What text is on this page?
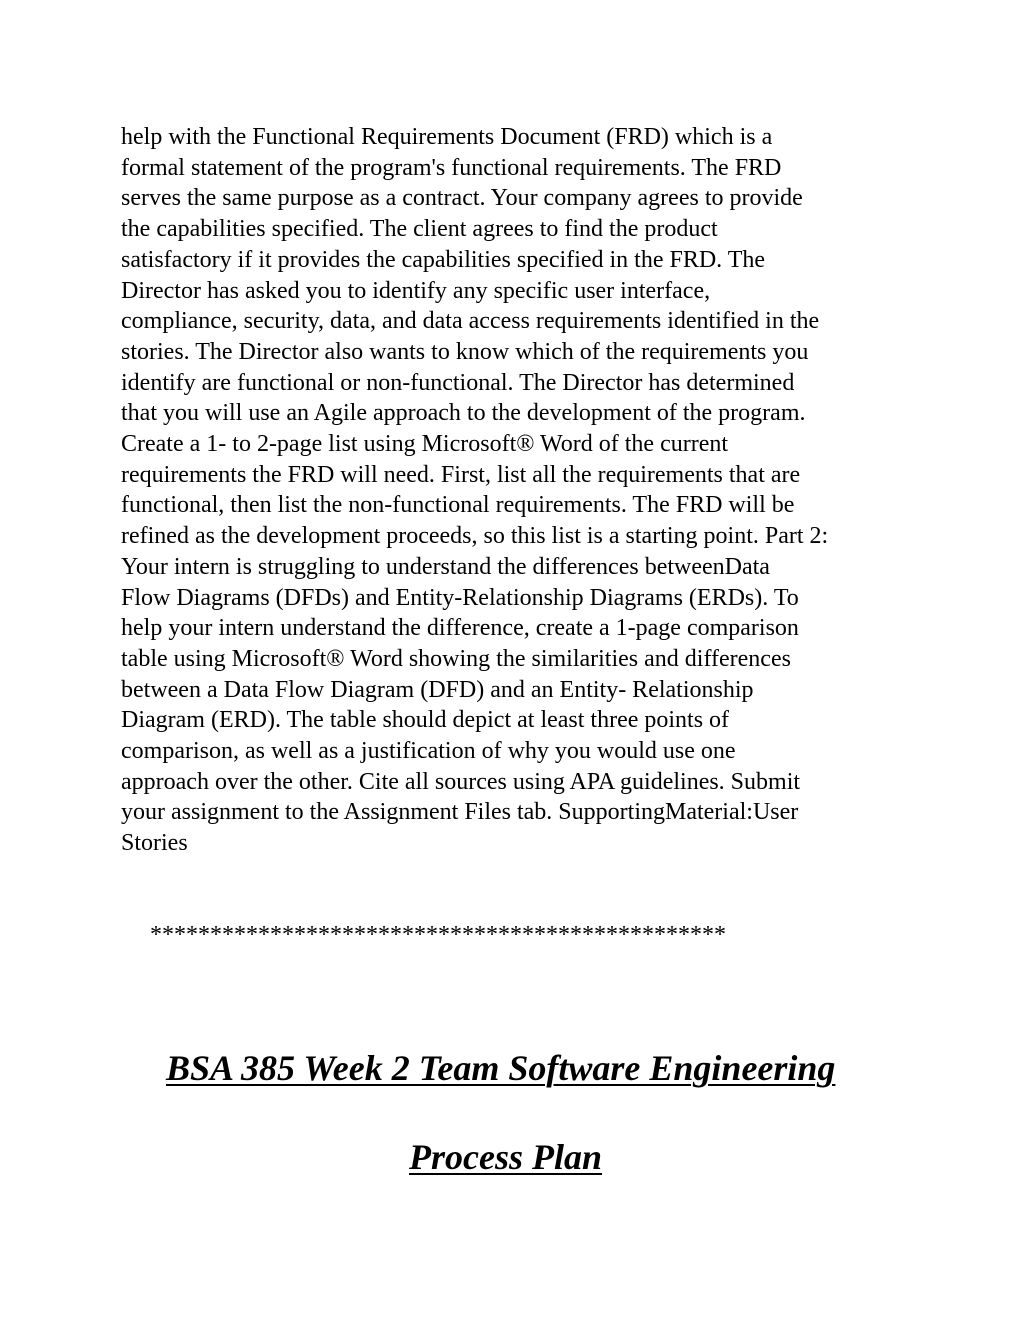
help with the Functional Requirements Document (FRD) which is a
formal statement of the program's functional requirements. The FRD
serves the same purpose as a contract. Your company agrees to provide
the capabilities specified. The client agrees to find the product
satisfactory if it provides the capabilities specified in the FRD. The
Director has asked you to identify any specific user interface,
compliance, security, data, and data access requirements identified in the
stories. The Director also wants to know which of the requirements you
identify are functional or non-functional. The Director has determined
that you will use an Agile approach to the development of the program.
Create a 1- to 2-page list using Microsoft® Word of the current
requirements the FRD will need. First, list all the requirements that are
functional, then list the non-functional requirements. The FRD will be
refined as the development proceeds, so this list is a starting point. Part 2:
Your intern is struggling to understand the differences betweenData
Flow Diagrams (DFDs) and Entity-Relationship Diagrams (ERDs). To
help your intern understand the difference, create a 1-page comparison
table using Microsoft® Word showing the similarities and differences
between a Data Flow Diagram (DFD) and an Entity- Relationship
Diagram (ERD). The table should depict at least three points of
comparison, as well as a justification of why you would use one
approach over the other. Cite all sources using APA guidelines. Submit
your assignment to the Assignment Files tab. SupportingMaterial:User
Stories

************************************************

BSA 385 Week 2 Team Software Engineering
Process Plan
